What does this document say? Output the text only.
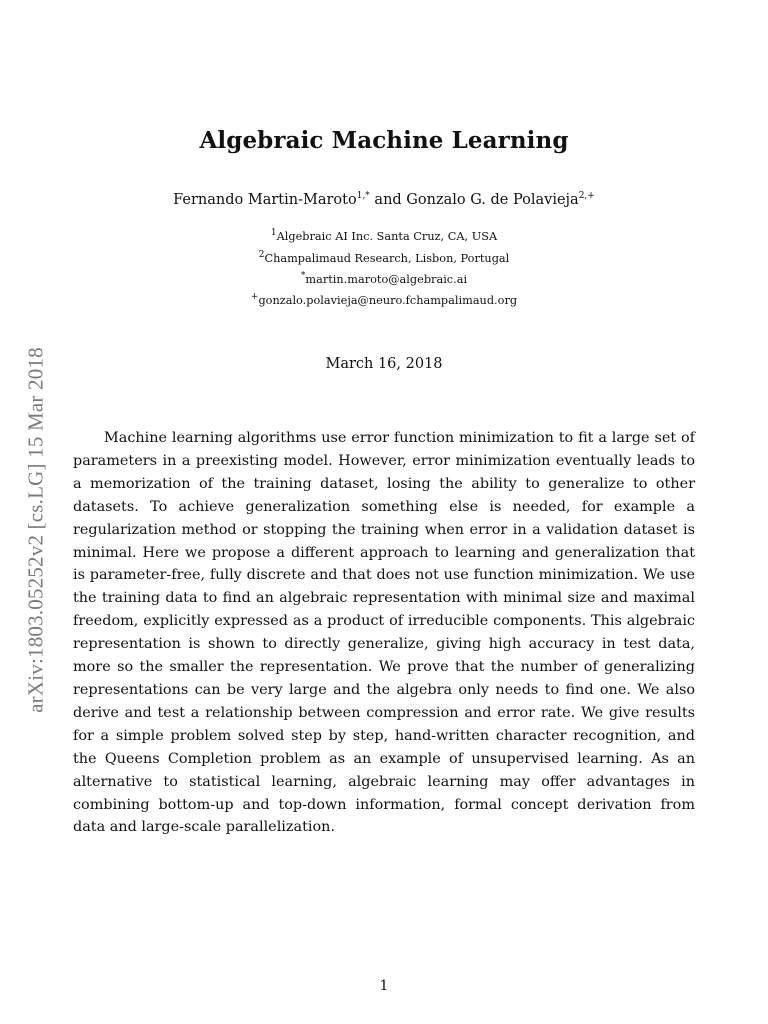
arXiv:1803.05252v2 [cs.LG] 15 Mar 2018
Algebraic Machine Learning
Fernando Martin-Maroto$^{1,*}$ and Gonzalo G. de Polavieja$^{2,+}$
$^1$Algebraic AI Inc. Santa Cruz, CA, USA
$^2$Champalimaud Research, Lisbon, Portugal
*martin.maroto@algebraic.ai
+gonzalo.polavieja@neuro.fchampalimaud.org
March 16, 2018

Machine learning algorithms use error function minimization to fit a large set of parameters in a preexisting model. However, error minimization eventually leads to a memorization of the training dataset, losing the ability to generalize to other datasets. To achieve generalization something else is needed, for example a regularization method or stopping the training when error in a validation dataset is minimal. Here we propose a different approach to learning and generalization that is parameter-free, fully discrete and that does not use function minimization. We use the training data to find an algebraic representation with minimal size and maximal freedom, explicitly expressed as a product of irreducible components. This algebraic representation is shown to directly generalize, giving high accuracy in test data, more so the smaller the representation. We prove that the number of generalizing representations can be very large and the algebra only needs to find one. We also derive and test a relationship between compression and error rate. We give results for a simple problem solved step by step, hand-written character recognition, and the Queens Completion problem as an example of unsupervised learning. As an alternative to statistical learning, algebraic learning may offer advantages in combining bottom-up and top-down information, formal concept derivation from data and large-scale parallelization.

1
